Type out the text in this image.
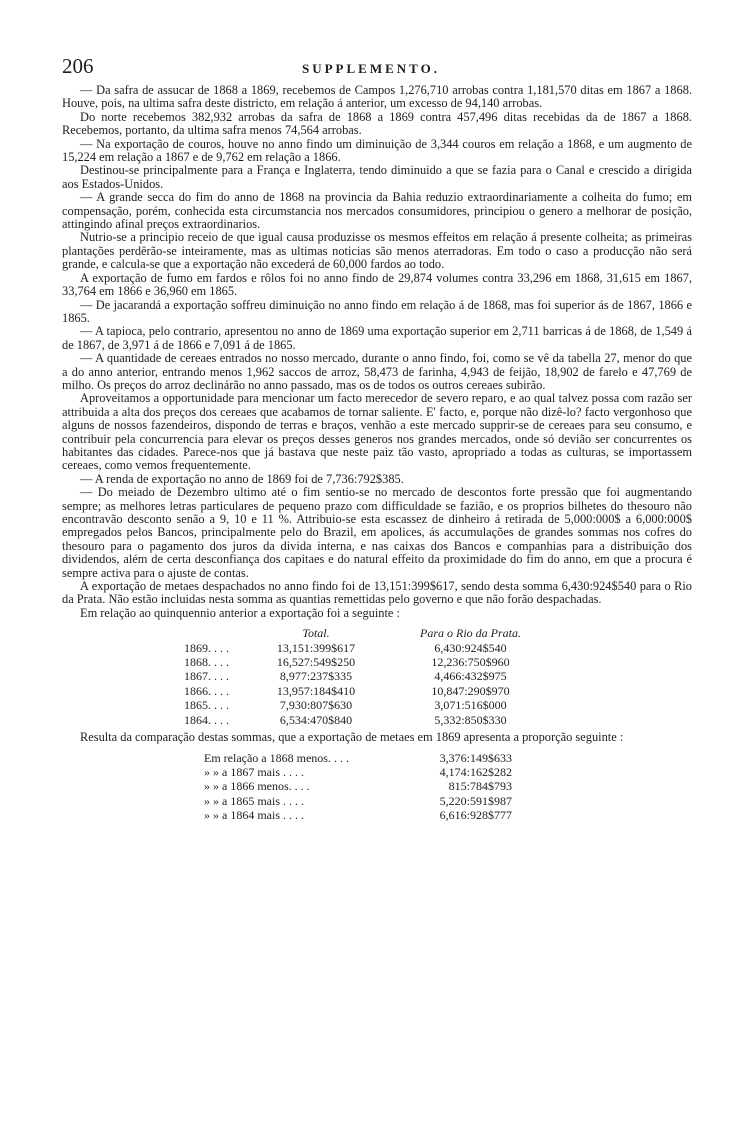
206	SUPPLEMENTO.

— Da safra de assucar de 1868 a 1869, recebemos de Campos 1,276,710 arrobas contra 1,181,570 ditas em 1867 a 1868. Houve, pois, na ultima safra deste districto, em relação á anterior, um excesso de 94,140 arrobas.

Do norte recebemos 382,932 arrobas da safra de 1868 a 1869 contra 457,496 ditas recebidas da de 1867 a 1868. Recebemos, portanto, da ultima safra menos 74,564 arrobas.

— Na exportação de couros, houve no anno findo um diminuição de 3,344 couros em relação a 1868, e um augmento de 15,224 em relação a 1867 e de 9,762 em relação a 1866.

Destinou-se principalmente para a França e Inglaterra, tendo diminuido a que se fazia para o Canal e crescido a dirigida aos Estados-Unidos.

— A grande secca do fim do anno de 1868 na provincia da Bahia reduzio extraordinariamente a colheita do fumo; em compensação, porém, conhecida esta circumstancia nos mercados consumidores, principiou o genero a melhorar de posição, attingindo afinal preços extraordinarios.

Nutrio-se a principio receio de que igual causa produzisse os mesmos effeitos em relação á presente colheita; as primeiras plantações perdêrão-se inteiramente, mas as ultimas noticias são menos aterradoras. Em todo o caso a producção não será grande, e calcula-se que a exportação não excederá de 60,000 fardos ao todo.

A exportação de fumo em fardos e rôlos foi no anno findo de 29,874 volumes contra 33,296 em 1868, 31,615 em 1867, 33,764 em 1866 e 36,960 em 1865.

— De jacarandá a exportação soffreu diminuição no anno findo em relação á de 1868, mas foi superior ás de 1867, 1866 e 1865.

— A tapioca, pelo contrario, apresentou no anno de 1869 uma exportação superior em 2,711 barricas á de 1868, de 1,549 á de 1867, de 3,971 á de 1866 e 7,091 á de 1865.

— A quantidade de cereaes entrados no nosso mercado, durante o anno findo, foi, como se vê da tabella 27, menor do que a do anno anterior, entrando menos 1,962 saccos de arroz, 58,473 de farinha, 4,943 de feijão, 18,902 de farelo e 47,769 de milho. Os preços do arroz declinárão no anno passado, mas os de todos os outros cereaes subirão.

Aproveitamos a opportunidade para mencionar um facto merecedor de severo reparo, e ao qual talvez possa com razão ser attribuida a alta dos preços dos cereaes que acabamos de tornar saliente. E' facto, e, porque não dizê-lo? facto vergonhoso que alguns de nossos fazendeiros, dispondo de terras e braços, venhão a este mercado supprir-se de cereaes para seu consumo, e contribuir pela concurrencia para elevar os preços desses generos nos grandes mercados, onde só devião ser concurrentes os habitantes das cidades. Parece-nos que já bastava que neste paiz tão vasto, apropriado a todas as culturas, se importassem cereaes, como vemos frequentemente.

— A renda de exportação no anno de 1869 foi de 7,736:792$385.

— Do meiado de Dezembro ultimo até o fim sentio-se no mercado de descontos forte pressão que foi augmentando sempre; as melhores letras particulares de pequeno prazo com difficuldade se fazião, e os proprios bilhetes do thesouro não encontravão desconto senão a 9, 10 e 11 %. Attribuio-se esta escassez de dinheiro á retirada de 5,000:000$ a 6,000:000$ empregados pelos Bancos, principalmente pelo do Brazil, em apolices, ás accumulações de grandes sommas nos cofres do thesouro para o pagamento dos juros da divida interna, e nas caixas dos Bancos e companhias para a distribuição dos dividendos, além de certa desconfiança dos capitaes e do natural effeito da proximidade do fim do anno, em que a procura é sempre activa para o ajuste de contas.

A exportação de metaes despachados no anno findo foi de 13,151:399$617, sendo desta somma 6,430:924$540 para o Rio da Prata. Não estão incluidas nesta somma as quantias remettidas pelo governo e que não forão despachadas.

Em relação ao quinquennio anterior a exportação foi a seguinte :

	Total.	Para o Rio da Prata.
1869. . . .	13,151:399$617	6,430:924$540
1868. . . .	16,527:549$250	12,236:750$960
1867. . . .	8,977:237$335	4,466:432$975
1866. . . .	13,957:184$410	10,847:290$970
1865. . . .	7,930:807$630	3,071:516$000
1864. . . .	6,534:470$840	5,332:850$330

Resulta da comparação destas sommas, que a exportação de metaes em 1869 apresenta a proporção seguinte :

Em relação a 1868 menos. . . .	3,376:149$633
» » a 1867 mais . . . .	4,174:162$282
» » a 1866 menos. . . .	815:784$793
» » a 1865 mais . . . .	5,220:591$987
» » a 1864 mais . . . .	6,616:928$777
